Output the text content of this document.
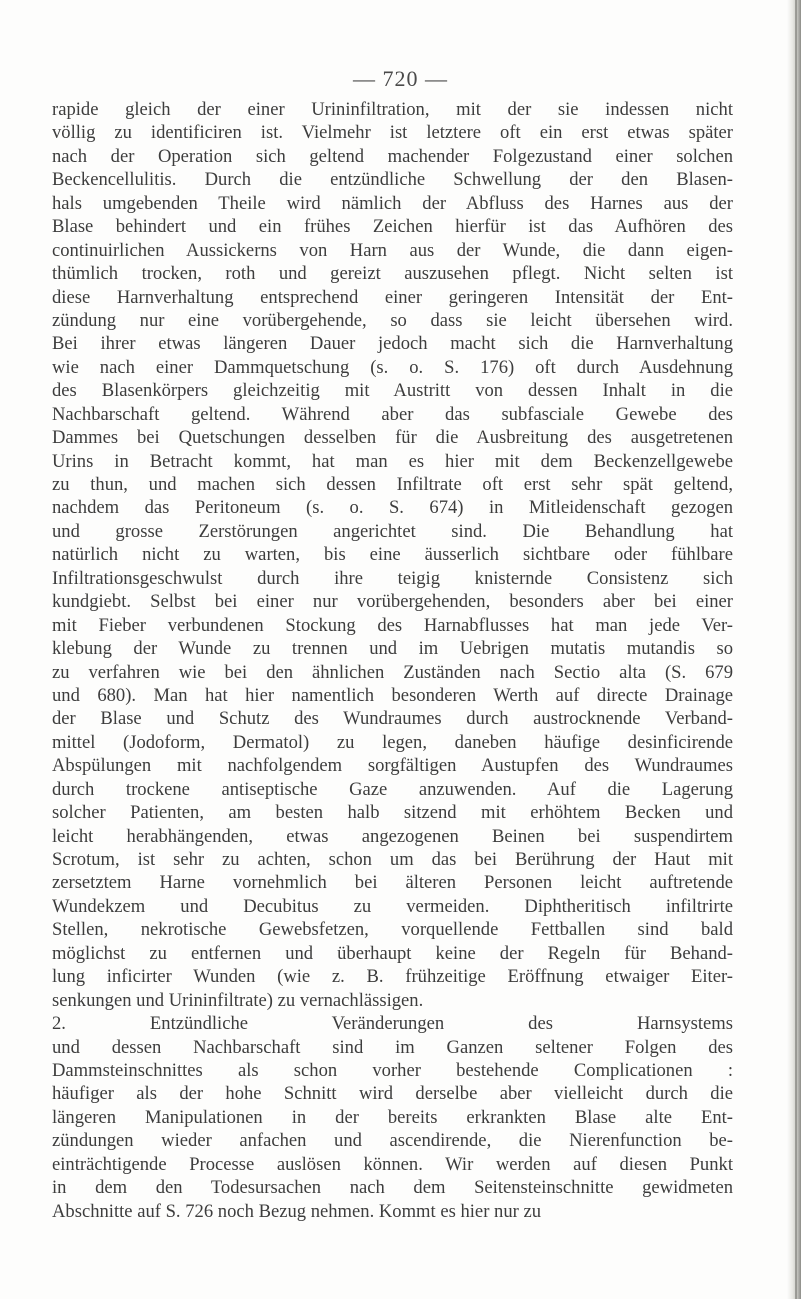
— 720 —
rapide gleich der einer Urininfiltration, mit der sie indessen nicht
völlig zu identificiren ist. Vielmehr ist letztere oft ein erst etwas später
nach der Operation sich geltend machender Folgezustand einer solchen
Beckencellulitis. Durch die entzündliche Schwellung der den Blasen-
hals umgebenden Theile wird nämlich der Abfluss des Harnes aus der
Blase behindert und ein frühes Zeichen hierfür ist das Aufhören des
continuirlichen Aussickerns von Harn aus der Wunde, die dann eigen-
thümlich trocken, roth und gereizt auszusehen pflegt. Nicht selten ist
diese Harnverhaltung entsprechend einer geringeren Intensität der Ent-
zündung nur eine vorübergehende, so dass sie leicht übersehen wird.
Bei ihrer etwas längeren Dauer jedoch macht sich die Harnverhaltung
wie nach einer Dammquetschung (s. o. S. 176) oft durch Ausdehnung
des Blasenkörpers gleichzeitig mit Austritt von dessen Inhalt in die
Nachbarschaft geltend. Während aber das subfasciale Gewebe des
Dammes bei Quetschungen desselben für die Ausbreitung des ausgetretenen
Urins in Betracht kommt, hat man es hier mit dem Beckenzellgewebe
zu thun, und machen sich dessen Infiltrate oft erst sehr spät geltend,
nachdem das Peritoneum (s. o. S. 674) in Mitleidenschaft gezogen
und grosse Zerstörungen angerichtet sind. Die Behandlung hat
natürlich nicht zu warten, bis eine äusserlich sichtbare oder fühlbare
Infiltrationsgeschwulst durch ihre teigig knisternde Consistenz sich
kundgiebt. Selbst bei einer nur vorübergehenden, besonders aber bei einer
mit Fieber verbundenen Stockung des Harnabflusses hat man jede Ver-
klebung der Wunde zu trennen und im Uebrigen mutatis mutandis so
zu verfahren wie bei den ähnlichen Zuständen nach Sectio alta (S. 679
und 680). Man hat hier namentlich besonderen Werth auf directe Drainage
der Blase und Schutz des Wundraumes durch austrocknende Verband-
mittel (Jodoform, Dermatol) zu legen, daneben häufige desinficirende
Abspülungen mit nachfolgendem sorgfältigen Austupfen des Wundraumes
durch trockene antiseptische Gaze anzuwenden. Auf die Lagerung
solcher Patienten, am besten halb sitzend mit erhöhtem Becken und
leicht herabhängenden, etwas angezogenen Beinen bei suspendirtem
Scrotum, ist sehr zu achten, schon um das bei Berührung der Haut mit
zersetztem Harne vornehmlich bei älteren Personen leicht auftretende
Wundekzem und Decubitus zu vermeiden. Diphtheritisch infiltrirte
Stellen, nekrotische Gewebsfetzen, vorquellende Fettballen sind bald
möglichst zu entfernen und überhaupt keine der Regeln für Behand-
lung inficirter Wunden (wie z. B. frühzeitige Eröffnung etwaiger Eiter-
senkungen und Urininfiltrate) zu vernachlässigen.
2. Entzündliche Veränderungen des Harnsystems
und dessen Nachbarschaft sind im Ganzen seltener Folgen des
Dammsteinschnittes als schon vorher bestehende Complicationen :
häufiger als der hohe Schnitt wird derselbe aber vielleicht durch die
längeren Manipulationen in der bereits erkrankten Blase alte Ent-
zündungen wieder anfachen und ascendirende, die Nierenfunction be-
einträchtigende Processe auslösen können. Wir werden auf diesen Punkt
in dem den Todesursachen nach dem Seitensteinschnitte gewidmeten
Abschnitte auf S. 726 noch Bezug nehmen. Kommt es hier nur zu
